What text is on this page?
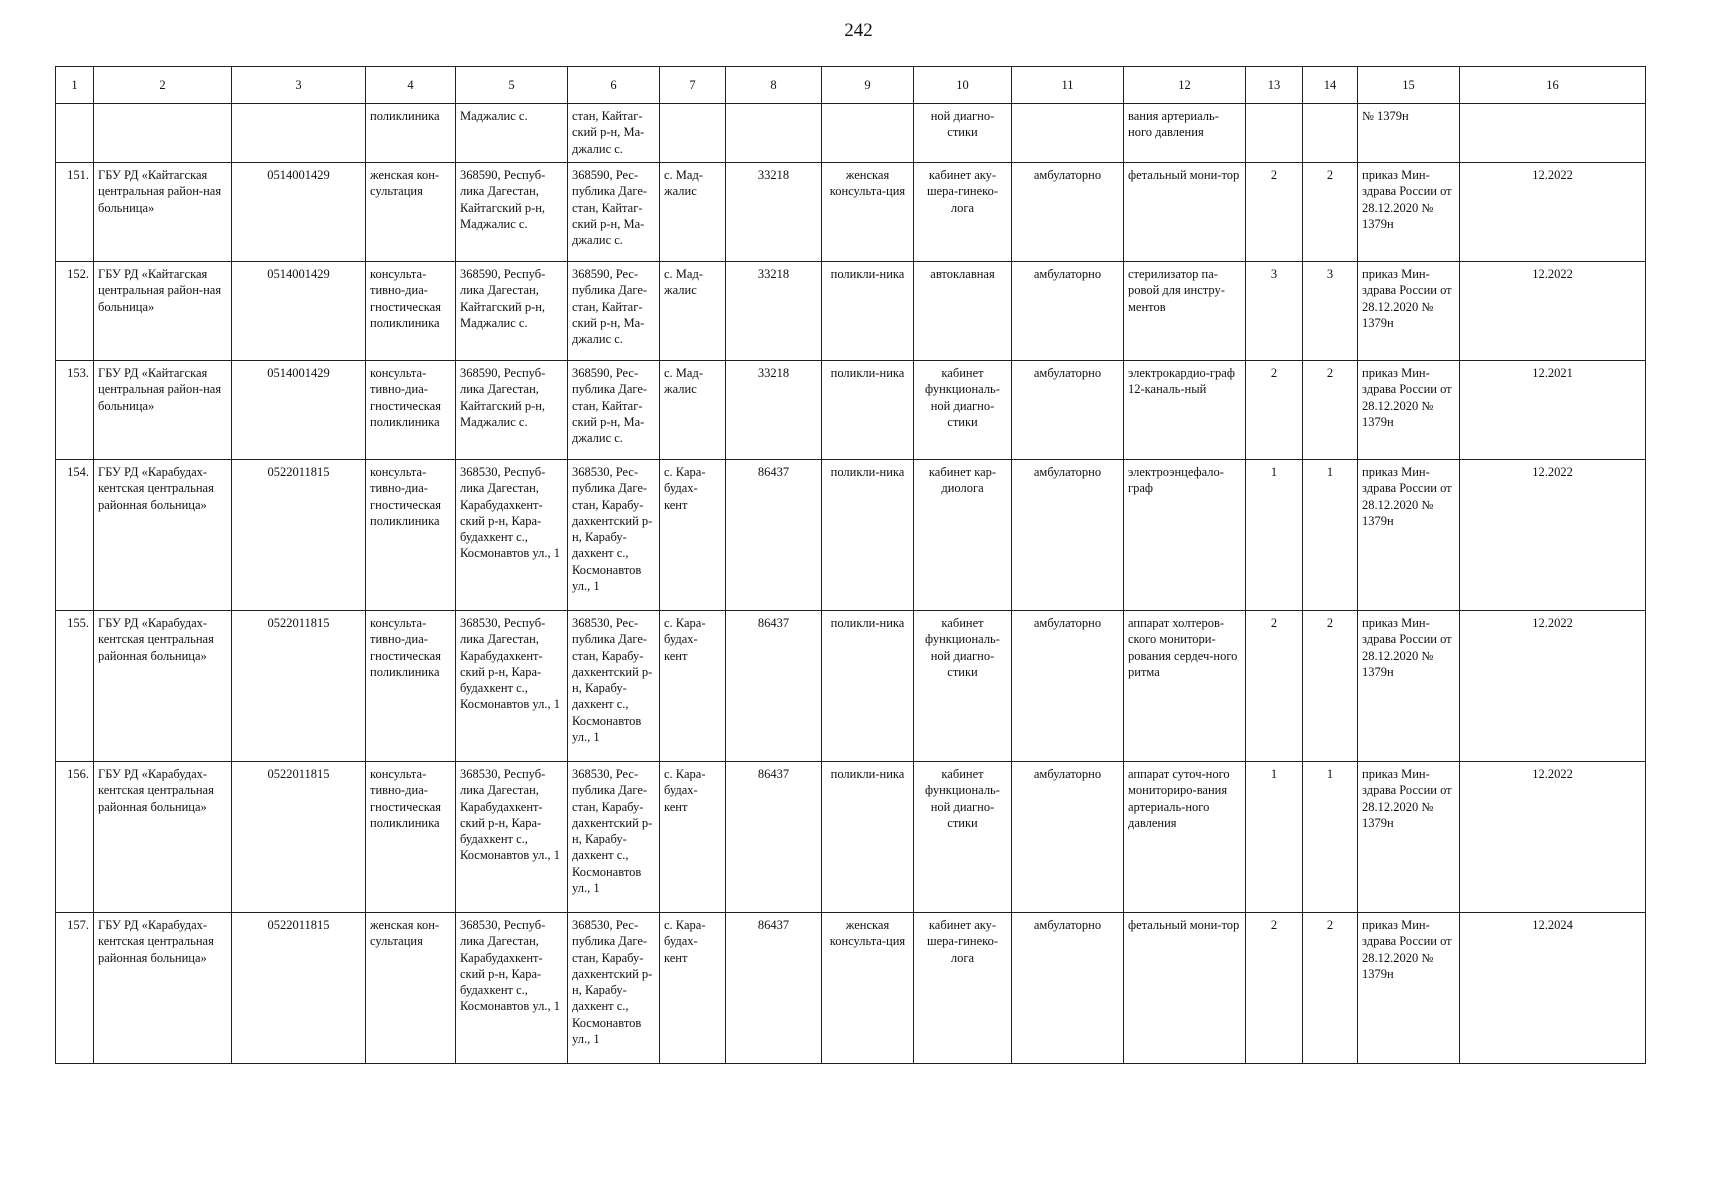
242
1	2	3	4	5	6	7	8	9	10	11	12	13	14	15	16
			поликлиника	Маджалис с.	стан, Кайтаг-ский р-н, Ма-джалис с.				ной диагно-стики		вания артериаль-ного давления			№ 1379н	
151.	ГБУ РД «Кайтагская центральная район-ная больница»	0514001429	женская кон-сультация	368590, Респуб-лика Дагестан, Кайтагский р-н, Маджалис с.	368590, Рес-публика Даге-стан, Кайтаг-ский р-н, Ма-джалис с.	с. Мад-жалис	33218	женская консульта-ция	кабинет аку-шера-гинеко-лога	амбулаторно	фетальный мони-тор	2	2	приказ Мин-здрава России от 28.12.2020 № 1379н	12.2022
152.	ГБУ РД «Кайтагская центральная район-ная больница»	0514001429	консульта-тивно-диа-гностическая поликлиника	368590, Респуб-лика Дагестан, Кайтагский р-н, Маджалис с.	368590, Рес-публика Даге-стан, Кайтаг-ский р-н, Ма-джалис с.	с. Мад-жалис	33218	поликли-ника	автоклавная	амбулаторно	стерилизатор па-ровой для инстру-ментов	3	3	приказ Мин-здрава России от 28.12.2020 № 1379н	12.2022
153.	ГБУ РД «Кайтагская центральная район-ная больница»	0514001429	консульта-тивно-диа-гностическая поликлиника	368590, Респуб-лика Дагестан, Кайтагский р-н, Маджалис с.	368590, Рес-публика Даге-стан, Кайтаг-ский р-н, Ма-джалис с.	с. Мад-жалис	33218	поликли-ника	кабинет функциональ-ной диагно-стики	амбулаторно	электрокардио-граф 12-каналь-ный	2	2	приказ Мин-здрава России от 28.12.2020 № 1379н	12.2021
154.	ГБУ РД «Карабудах-кентская центральная районная больница»	0522011815	консульта-тивно-диа-гностическая поликлиника	368530, Респуб-лика Дагестан, Карабудахкент-ский р-н, Кара-будахкент с., Космонавтов ул., 1	368530, Рес-публика Даге-стан, Карабу-дахкентский р-н, Карабу-дахкент с., Космонавтов ул., 1	с. Кара-будах-кент	86437	поликли-ника	кабинет кар-диолога	амбулаторно	электроэнцефало-граф	1	1	приказ Мин-здрава России от 28.12.2020 № 1379н	12.2022
155.	ГБУ РД «Карабудах-кентская центральная районная больница»	0522011815	консульта-тивно-диа-гностическая поликлиника	368530, Респуб-лика Дагестан, Карабудахкент-ский р-н, Кара-будахкент с., Космонавтов ул., 1	368530, Рес-публика Даге-стан, Карабу-дахкентский р-н, Карабу-дахкент с., Космонавтов ул., 1	с. Кара-будах-кент	86437	поликли-ника	кабинет функциональ-ной диагно-стики	амбулаторно	аппарат холтеров-ского монитори-рования сердеч-ного ритма	2	2	приказ Мин-здрава России от 28.12.2020 № 1379н	12.2022
156.	ГБУ РД «Карабудах-кентская центральная районная больница»	0522011815	консульта-тивно-диа-гностическая поликлиника	368530, Респуб-лика Дагестан, Карабудахкент-ский р-н, Кара-будахкент с., Космонавтов ул., 1	368530, Рес-публика Даге-стан, Карабу-дахкентский р-н, Карабу-дахкент с., Космонавтов ул., 1	с. Кара-будах-кент	86437	поликли-ника	кабинет функциональ-ной диагно-стики	амбулаторно	аппарат суточ-ного мониториро-вания артериаль-ного давления	1	1	приказ Мин-здрава России от 28.12.2020 № 1379н	12.2022
157.	ГБУ РД «Карабудах-кентская центральная районная больница»	0522011815	женская кон-сультация	368530, Респуб-лика Дагестан, Карабудахкент-ский р-н, Кара-будахкент с., Космонавтов ул., 1	368530, Рес-публика Даге-стан, Карабу-дахкентский р-н, Карабу-дахкент с., Космонавтов ул., 1	с. Кара-будах-кент	86437	женская консульта-ция	кабинет аку-шера-гинеко-лога	амбулаторно	фетальный мони-тор	2	2	приказ Мин-здрава России от 28.12.2020 № 1379н	12.2024
